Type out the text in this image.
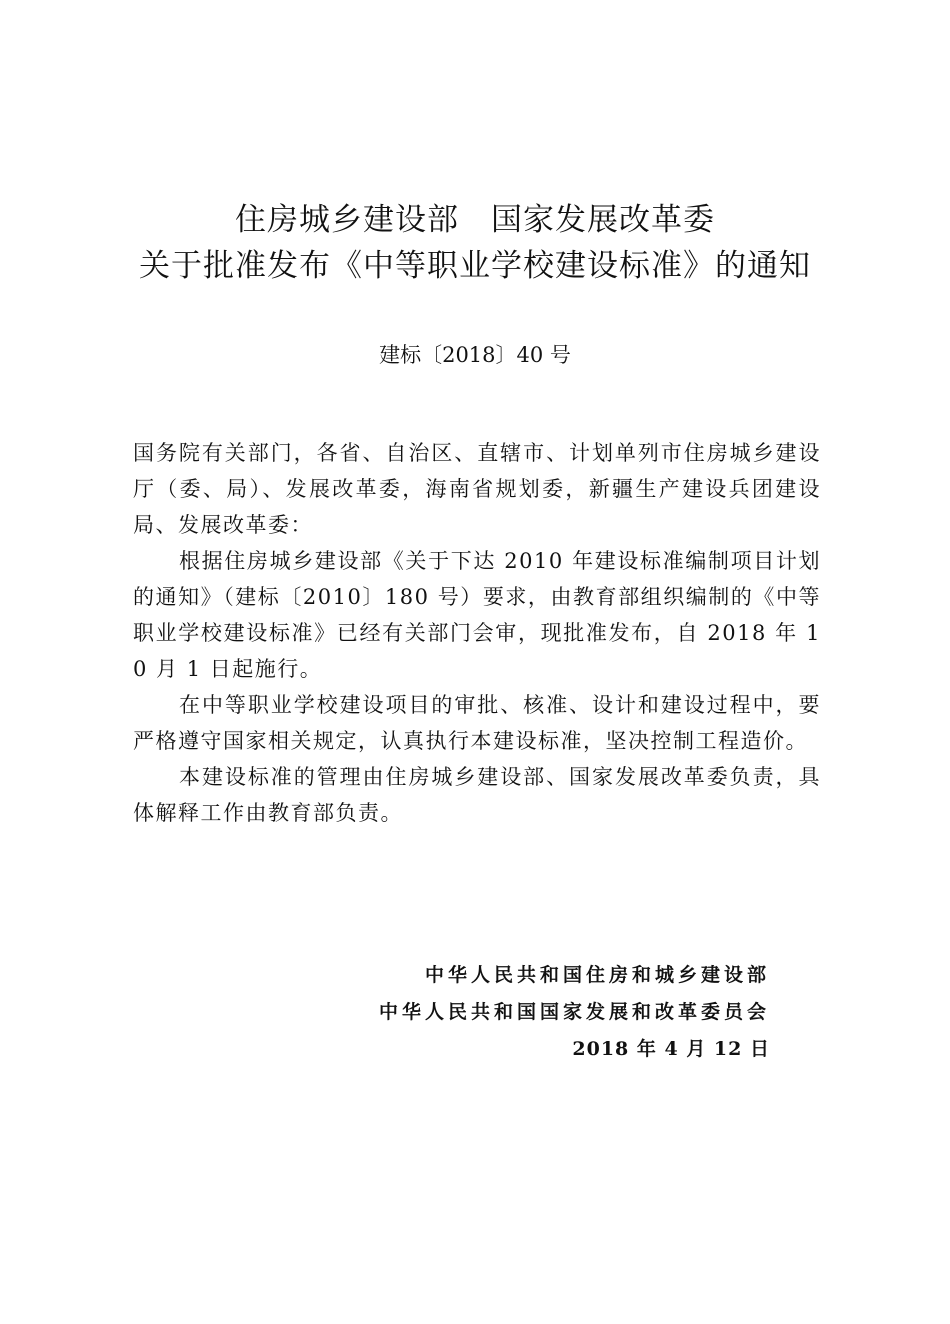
住房城乡建设部　国家发展改革委
关于批准发布《中等职业学校建设标准》的通知
建标〔2018〕40 号

国务院有关部门，各省、自治区、直辖市、计划单列市住房城乡建设厅（委、局）、发展改革委，海南省规划委，新疆生产建设兵团建设局、发展改革委：

根据住房城乡建设部《关于下达 2010 年建设标准编制项目计划的通知》（建标〔2010〕180 号）要求，由教育部组织编制的《中等职业学校建设标准》已经有关部门会审，现批准发布，自 2018 年 10 月 1 日起施行。

在中等职业学校建设项目的审批、核准、设计和建设过程中，要严格遵守国家相关规定，认真执行本建设标准，坚决控制工程造价。

本建设标准的管理由住房城乡建设部、国家发展改革委负责，具体解释工作由教育部负责。

中华人民共和国住房和城乡建设部
中华人民共和国国家发展和改革委员会
2018 年 4 月 12 日
